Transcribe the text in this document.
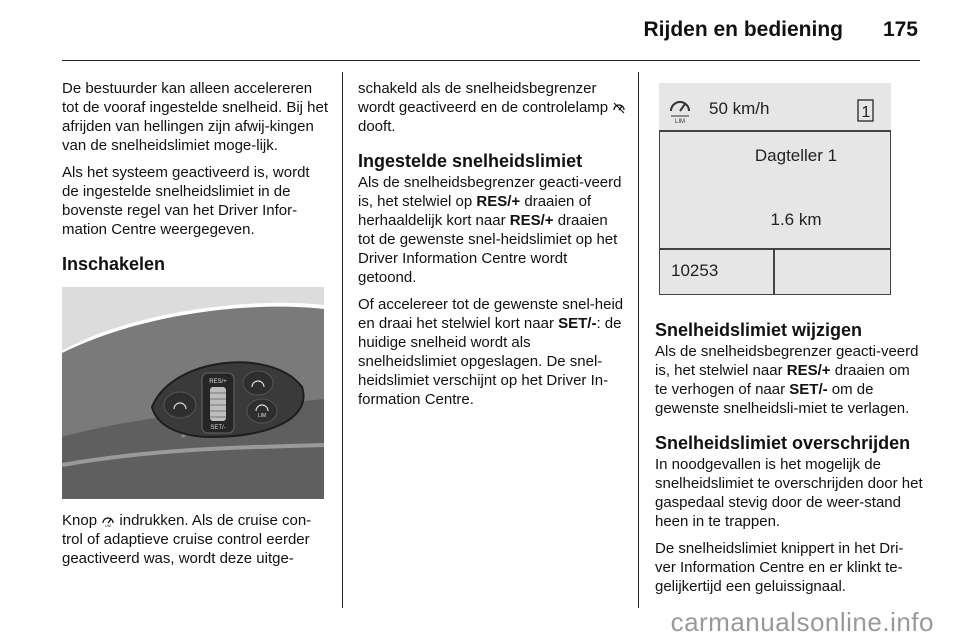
Rijden en bediening 175

De bestuurder kan alleen accelereren tot de vooraf ingestelde snelheid. Bij het afrijden van hellingen zijn afwij-kingen van de snelheidslimiet moge-lijk.

Als het systeem geactiveerd is, wordt de ingestelde snelheidslimiet in de bovenste regel van het Driver Infor-mation Centre weergegeven.

Inschakelen
RES/+
SET/-
LIM

Knop LIM indrukken. Als de cruise con-trol of adaptieve cruise control eerder geactiveerd was, wordt deze uitge-

schakeld als de snelheidsbegrenzer wordt geactiveerd en de controlelamp  dooft.

Ingestelde snelheidslimiet

Als de snelheidsbegrenzer geacti-veerd is, het stelwiel op RES/+ draaien of herhaaldelijk kort naar RES/+ draaien tot de gewenste snel-heidslimiet op het Driver Information Centre wordt getoond.

Of accelereer tot de gewenste snel-heid en draai het stelwiel kort naar SET/-: de huidige snelheid wordt als snelheidslimiet opgeslagen. De snel-heidslimiet verschijnt op het Driver In-formation Centre.

LIM
50 km/h	1
Dagteller 1
1.6 km
10253
Snelheidslimiet wijzigen

Als de snelheidsbegrenzer geacti-veerd is, het stelwiel naar RES/+ draaien om te verhogen of naar SET/- om de gewenste snelheidsli-miet te verlagen.

Snelheidslimiet overschrijden

In noodgevallen is het mogelijk de snelheidslimiet te overschrijden door het gaspedaal stevig door de weer-stand heen in te trappen.

De snelheidslimiet knippert in het Dri-ver Information Centre en er klinkt te-gelijkertijd een geluissignaal.

carmanualsonline.info
